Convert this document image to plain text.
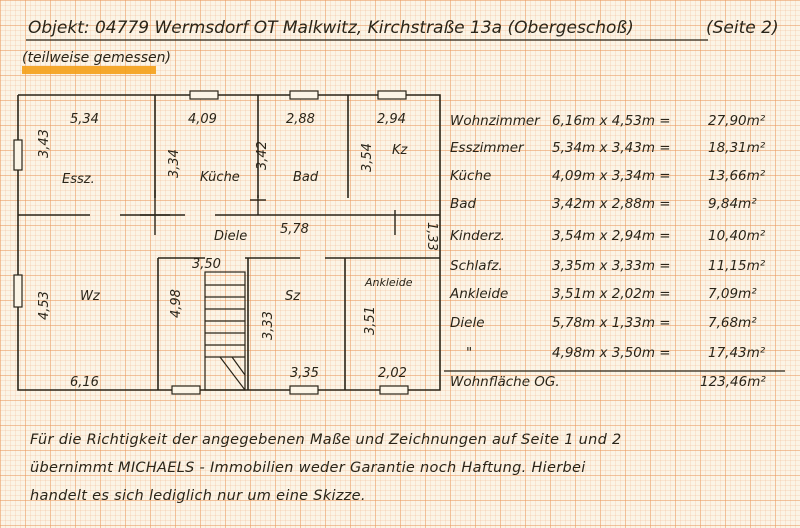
Objekt: 04779 Wermsdorf OT Malkwitz, Kirchstraße 13a (Obergeschoß)	(Seite 2)
(teilweise gemessen)
5,34	4,09	2,88	2,94
5,78
3,50
6,16
3,35	2,02
3,43
3,34	3,42	3,54
1,33
4,53	4,98
3,33	3,51
Essz.	Küche	Bad
Kz
Diele
Wz	Sz
Ankleide
Wohnzimmer 6,16m x 4,53m =	27,90m²
Esszimmer 5,34m x 3,43m =	18,31m²
Küche	4,09m x 3,34m =	13,66m²
Bad	3,42m x 2,88m =	9,84m²
Kinderz.	3,54m x 2,94m =	10,40m²
Schlafz.	3,35m x 3,33m =	11,15m²
Ankleide	3,51m x 2,02m =	7,09m²
Diele	5,78m x 1,33m =	7,68m²
"	4,98m x 3,50m =	17,43m²
Wohnfläche OG.	123,46m²
Für die Richtigkeit der angegebenen Maße und Zeichnungen auf Seite 1 und 2
übernimmt MICHAELS - Immobilien weder Garantie noch Haftung. Hierbei
handelt es sich lediglich nur um eine Skizze.
